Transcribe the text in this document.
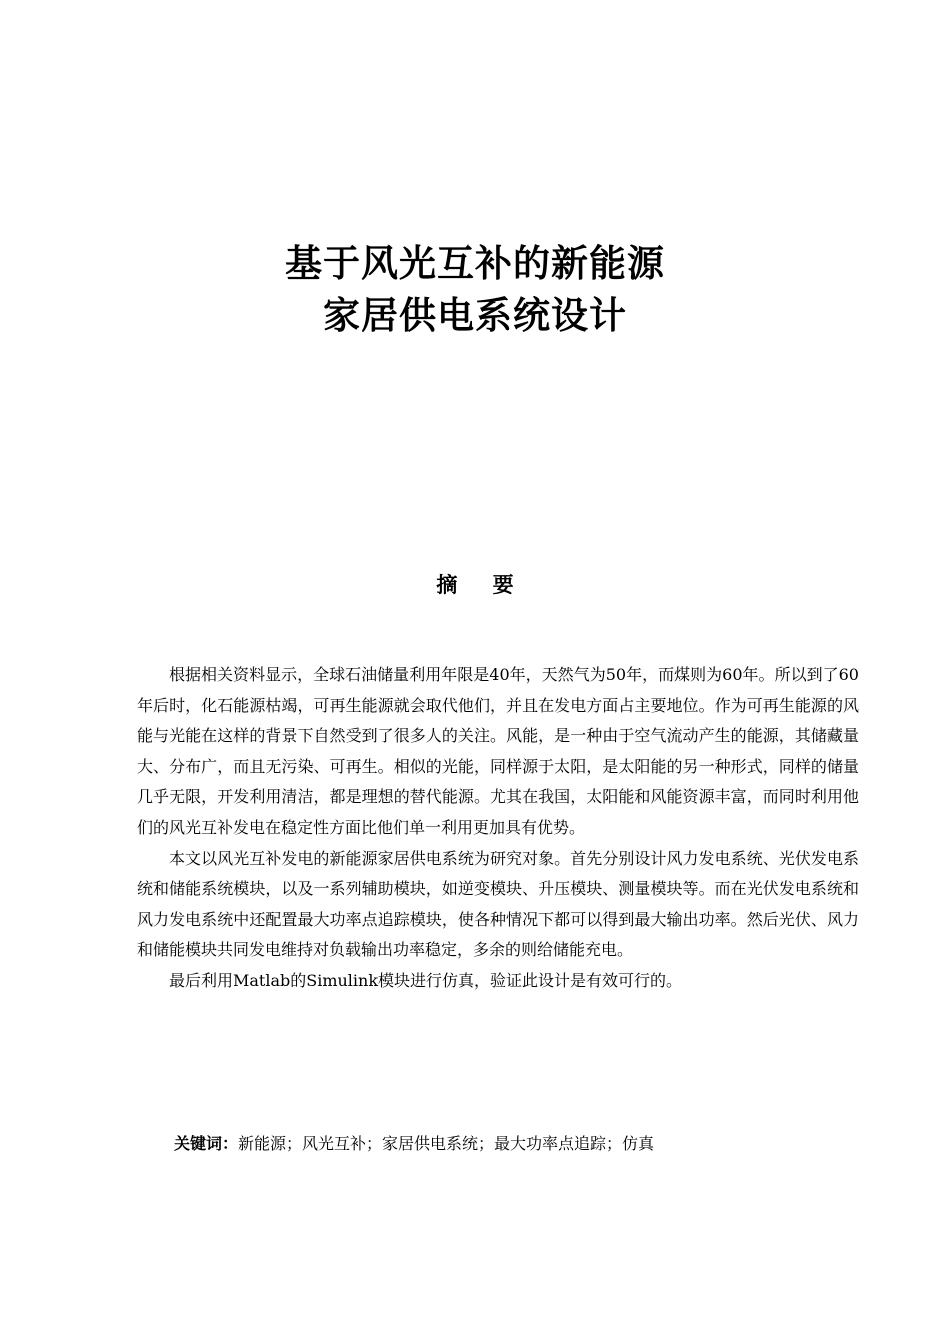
基于风光互补的新能源
家居供电系统设计
摘 要

根据相关资料显示，全球石油储量利用年限是40年，天然气为50年，而煤则为60年。所以到了60年后时，化石能源枯竭，可再生能源就会取代他们，并且在发电方面占主要地位。作为可再生能源的风能与光能在这样的背景下自然受到了很多人的关注。风能，是一种由于空气流动产生的能源，其储藏量大、分布广，而且无污染、可再生。相似的光能，同样源于太阳，是太阳能的另一种形式，同样的储量几乎无限，开发利用清洁，都是理想的替代能源。尤其在我国，太阳能和风能资源丰富，而同时利用他们的风光互补发电在稳定性方面比他们单一利用更加具有优势。

本文以风光互补发电的新能源家居供电系统为研究对象。首先分别设计风力发电系统、光伏发电系统和储能系统模块，以及一系列辅助模块，如逆变模块、升压模块、测量模块等。而在光伏发电系统和风力发电系统中还配置最大功率点追踪模块，使各种情况下都可以得到最大输出功率。然后光伏、风力和储能模块共同发电维持对负载输出功率稳定，多余的则给储能充电。

最后利用Matlab的Simulink模块进行仿真，验证此设计是有效可行的。

关键词：新能源；风光互补；家居供电系统；最大功率点追踪；仿真
